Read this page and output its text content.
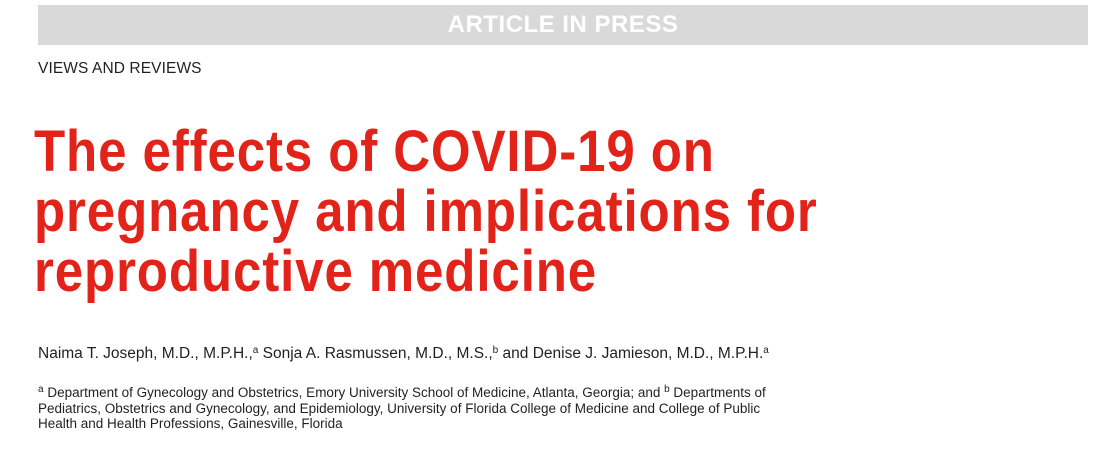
ARTICLE IN PRESS
VIEWS AND REVIEWS
The effects of COVID-19 on
pregnancy and implications for
reproductive medicine
Naima T. Joseph, M.D., M.P.H.,$^a$ Sonja A. Rasmussen, M.D., M.S.,$^b$ and Denise J. Jamieson, M.D., M.P.H.$^a$
$^a$ Department of Gynecology and Obstetrics, Emory University School of Medicine, Atlanta, Georgia; and $^b$ Departments of
Pediatrics, Obstetrics and Gynecology, and Epidemiology, University of Florida College of Medicine and College of Public
Health and Health Professions, Gainesville, Florida
